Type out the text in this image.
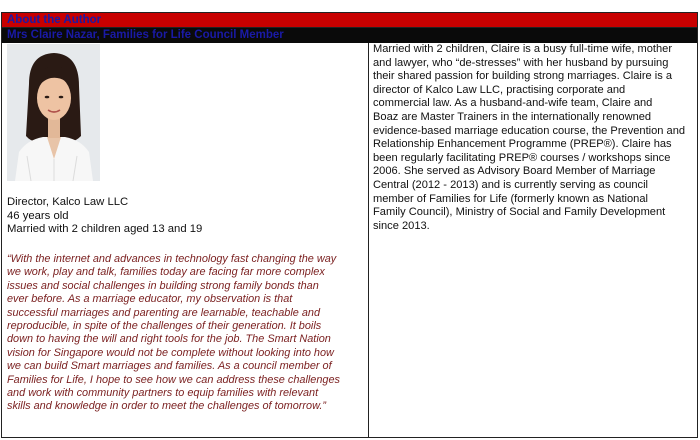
About the Author
Mrs Claire Nazar, Families for Life Council Member
Director, Kalco Law LLC
46 years old
Married with 2 children aged 13 and 19
“With the internet and advances in technology fast changing the way
we work, play and talk, families today are facing far more complex
issues and social challenges in building strong family bonds than
ever before. As a marriage educator, my observation is that
successful marriages and parenting are learnable, teachable and
reproducible, in spite of the challenges of their generation. It boils
down to having the will and right tools for the job. The Smart Nation
vision for Singapore would not be complete without looking into how
we can build Smart marriages and families. As a council member of
Families for Life, I hope to see how we can address these challenges
and work with community partners to equip families with relevant
skills and knowledge in order to meet the challenges of tomorrow.”
Married with 2 children, Claire is a busy full-time wife, mother
and lawyer, who “de-stresses” with her husband by pursuing
their shared passion for building strong marriages. Claire is a
director of Kalco Law LLC, practising corporate and
commercial law. As a husband-and-wife team, Claire and
Boaz are Master Trainers in the internationally renowned
evidence-based marriage education course, the Prevention and
Relationship Enhancement Programme (PREP®). Claire has
been regularly facilitating PREP® courses / workshops since
2006. She served as Advisory Board Member of Marriage
Central (2012 - 2013) and is currently serving as council
member of Families for Life (formerly known as National
Family Council), Ministry of Social and Family Development
since 2013.
